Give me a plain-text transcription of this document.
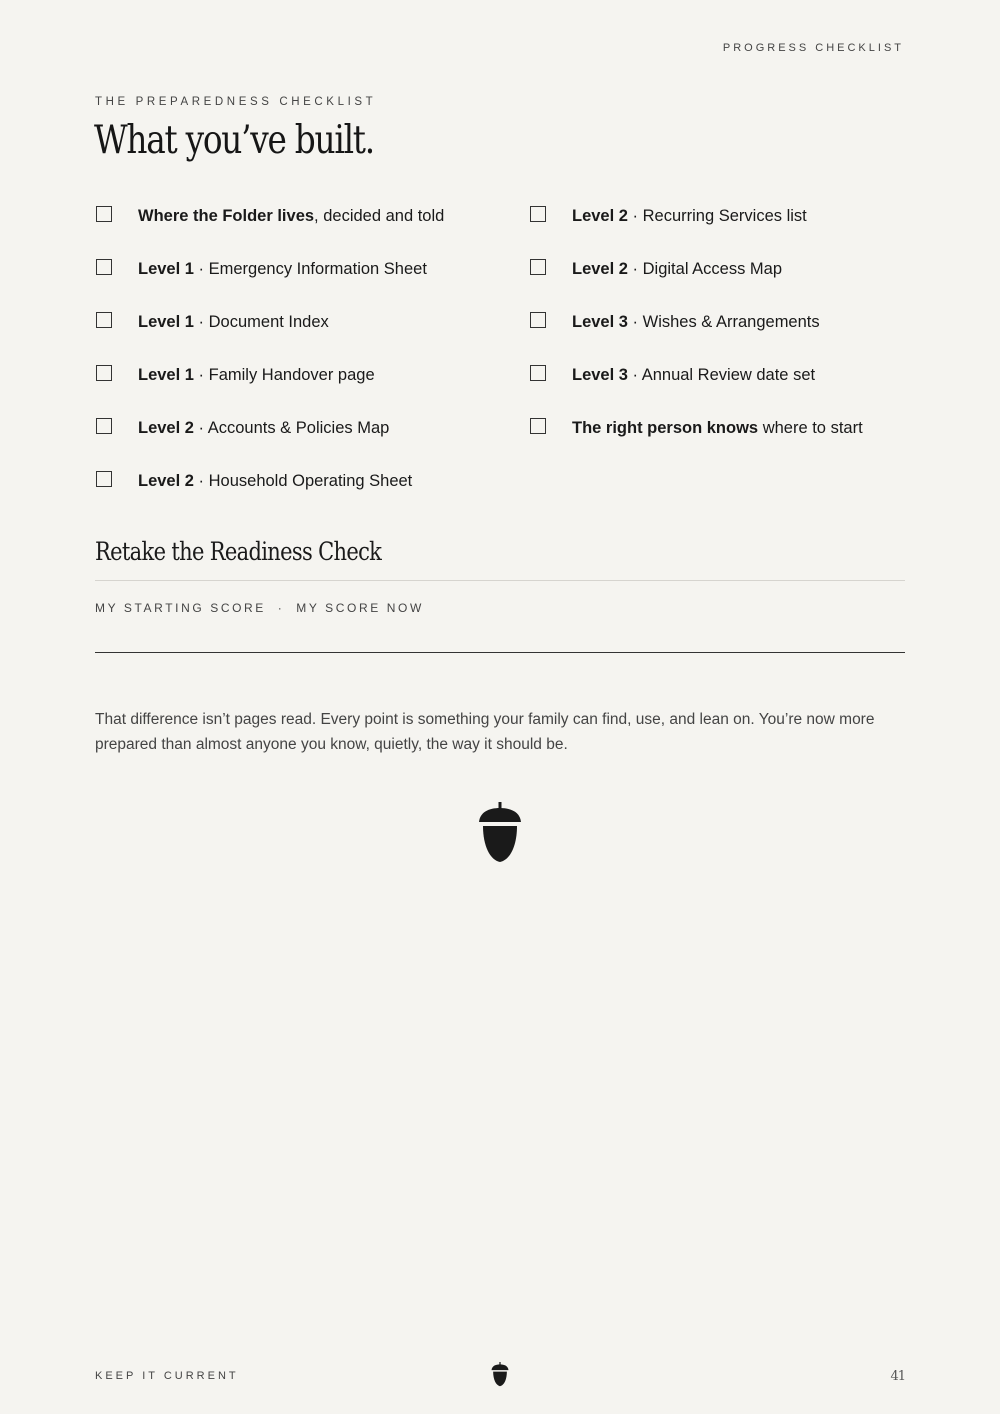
PROGRESS CHECKLIST
THE PREPAREDNESS CHECKLIST
What you’ve built.
Where the Folder lives, decided and told
Level 1 · Emergency Information Sheet
Level 1 · Document Index
Level 1 · Family Handover page
Level 2 · Accounts & Policies Map
Level 2 · Household Operating Sheet
Level 2 · Recurring Services list
Level 2 · Digital Access Map
Level 3 · Wishes & Arrangements
Level 3 · Annual Review date set
The right person knows where to start
Retake the Readiness Check
MY STARTING SCORE  ·  MY SCORE NOW

That difference isn’t pages read. Every point is something your family can find, use, and lean on. You’re now more prepared than almost anyone you know, quietly, the way it should be.

KEEP IT CURRENT	41
